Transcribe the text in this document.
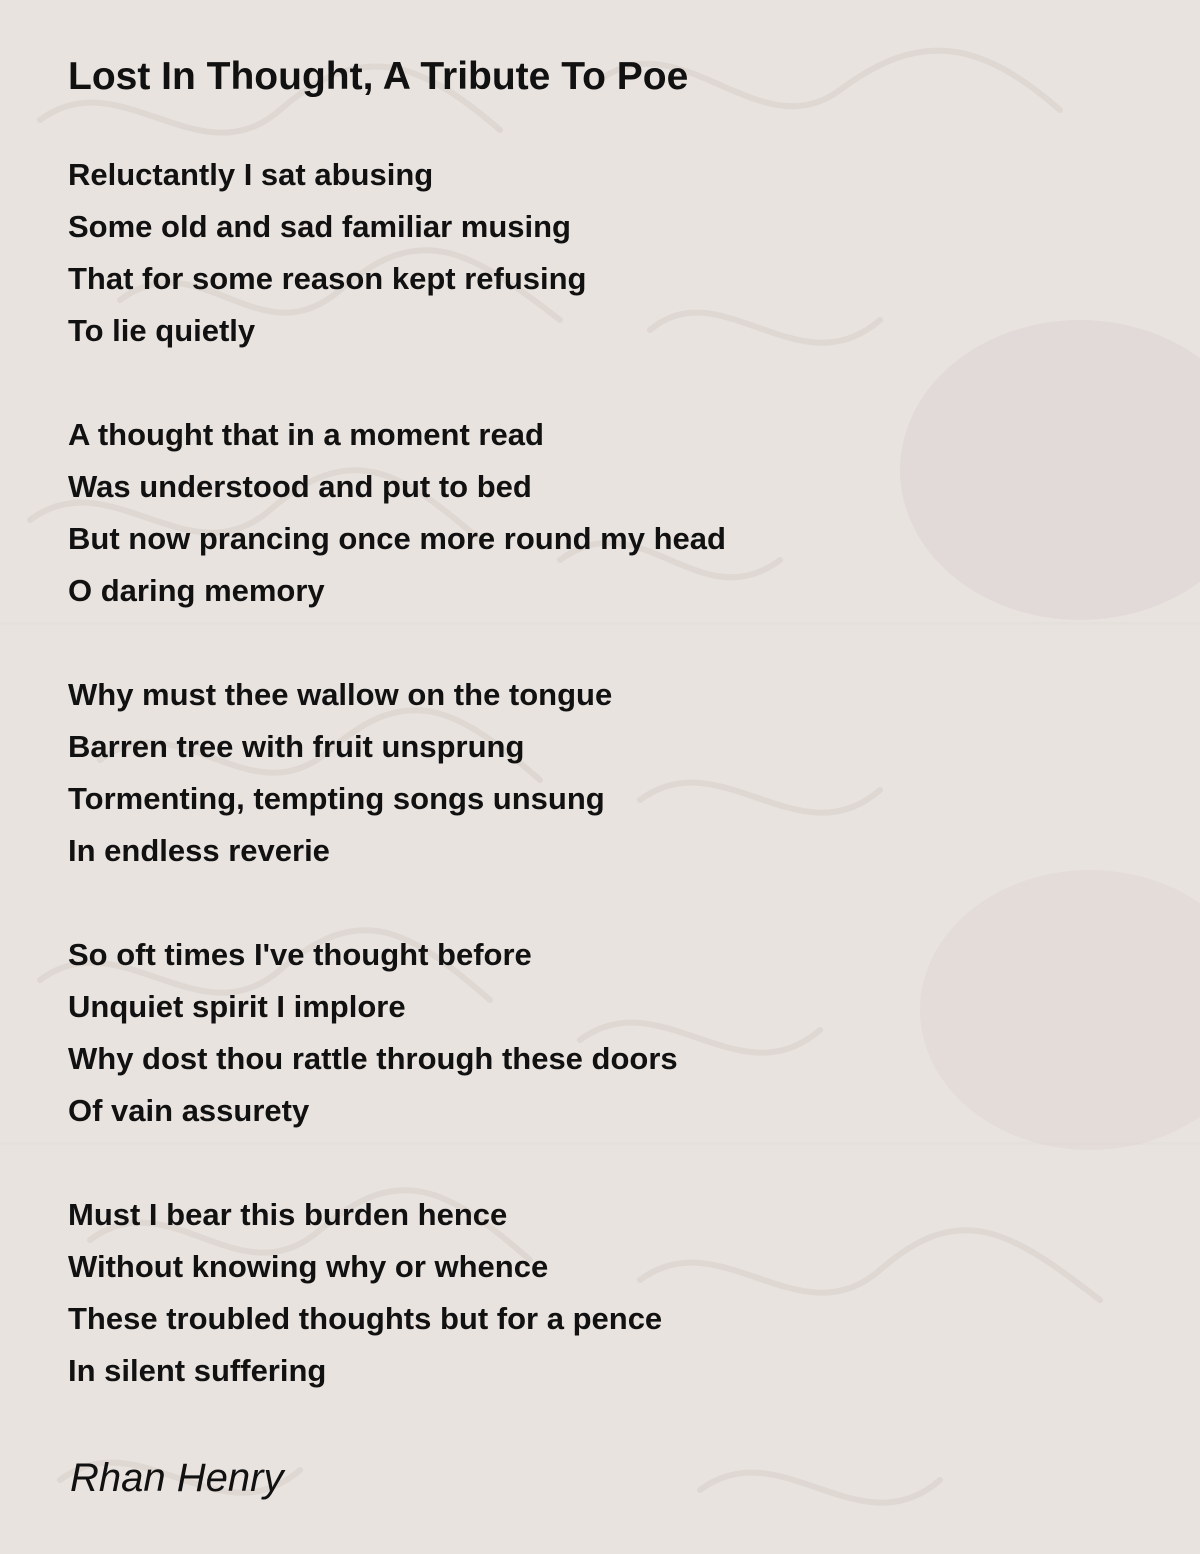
Lost In Thought, A Tribute To Poe
Reluctantly I sat abusing
Some old and sad familiar musing
That for some reason kept refusing
To lie quietly
A thought that in a moment read
Was understood and put to bed
But now prancing once more round my head
O daring memory
Why must thee wallow on the tongue
Barren tree with fruit unsprung
Tormenting, tempting songs unsung
In endless reverie
So oft times I've thought before
Unquiet spirit I implore
Why dost thou rattle through these doors
Of vain assurety
Must I bear this burden hence
Without knowing why or whence
These troubled thoughts but for a pence
In silent suffering

Rhan Henry
